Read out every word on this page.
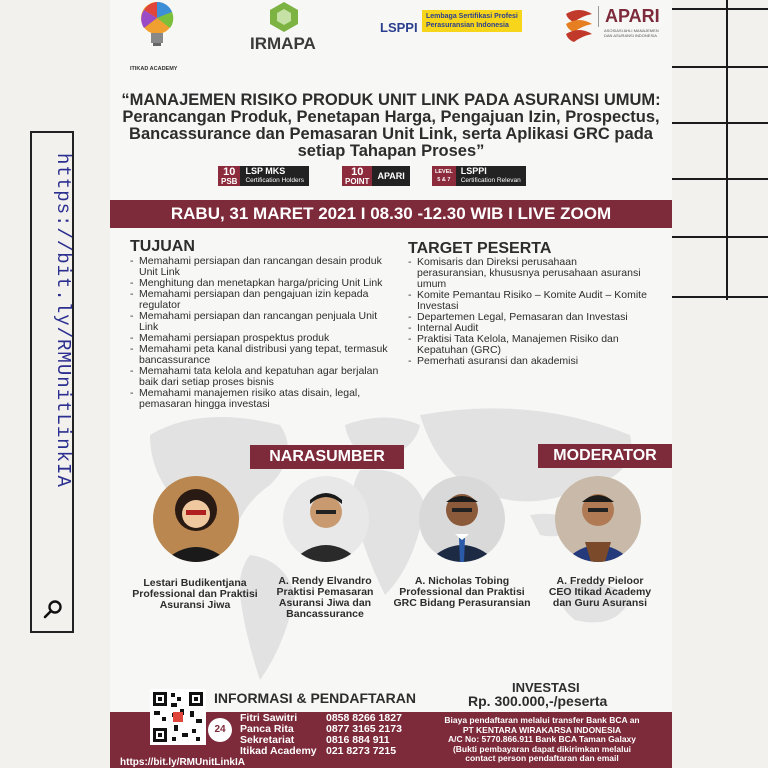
https://bit.ly/RMUnitLinkIA
ITIKAD ACADEMY
IRMAPA
LSPPI
Lembaga Sertifikasi Profesi
Perasuransian Indonesia	APARI
ASOSIASI AHLI MANAJEMEN
DAN ASURANSI INDONESIA
“MANAJEMEN RISIKO PRODUK UNIT LINK PADA ASURANSI UMUM: Perancangan Produk, Penetapan Harga, Pengajuan Izin, Prospectus, Bancassurance dan Pemasaran Unit Link, serta Aplikasi GRC pada setiap Tahapan Proses”
10
PSB
LSP MKS
Certification Holders
10
POINT
APARI	LEVEL
5 & 7
LSPPI
Certification Relevan
RABU, 31 MARET 2021 I 08.30 -12.30 WIB I LIVE ZOOM
TUJUAN
- Memahami persiapan dan rancangan desain produk Unit Link
- Menghitung dan menetapkan harga/pricing Unit Link
- Memahami persiapan dan pengajuan izin kepada regulator
- Memahami persiapan dan rancangan penjuala Unit Link
- Memahami persiapan prospektus produk
- Memahami peta kanal distribusi yang tepat, termasuk bancassurance
- Memahami tata kelola and kepatuhan agar berjalan baik dari setiap proses bisnis
- Memahami manajemen risiko atas disain, legal, pemasaran hingga investasi
TARGET PESERTA
- Komisaris dan Direksi perusahaan perasuransian, khususnya perusahaan asuransi umum
- Komite Pemantau Risiko – Komite Audit – Komite Investasi
- Departemen Legal, Pemasaran dan Investasi
- Internal Audit
- Praktisi Tata Kelola, Manajemen Risiko dan Kepatuhan (GRC)
- Pemerhati asuransi dan akademisi
NARASUMBER	MODERATOR
Lestari Budikentjana
Professional dan Praktisi
Asuransi Jiwa
A. Rendy Elvandro
Praktisi Pemasaran
Asuransi Jiwa dan
Bancassurance
A. Nicholas Tobing
Professional dan Praktisi
GRC Bidang Perasuransian
A. Freddy Pieloor
CEO Itikad Academy
dan Guru Asuransi
INFORMASI & PENDAFTARAN
24
Fitri Sawitri	0858 8266 1827
Panca Rita	0877 3165 2173
Sekretariat	0816 884 911
Itikad Academy 021 8273 7215
INVESTASI
Rp. 300.000,-/peserta
Biaya pendaftaran melalui transfer Bank BCA an
PT KENTARA WIRAKARSA INDONESIA
A/C No: 5770.866.911 Bank BCA Taman Galaxy
(Bukti pembayaran dapat dikirimkan melalui
contact person pendaftaran dan email
https://bit.ly/RMUnitLinkIA
